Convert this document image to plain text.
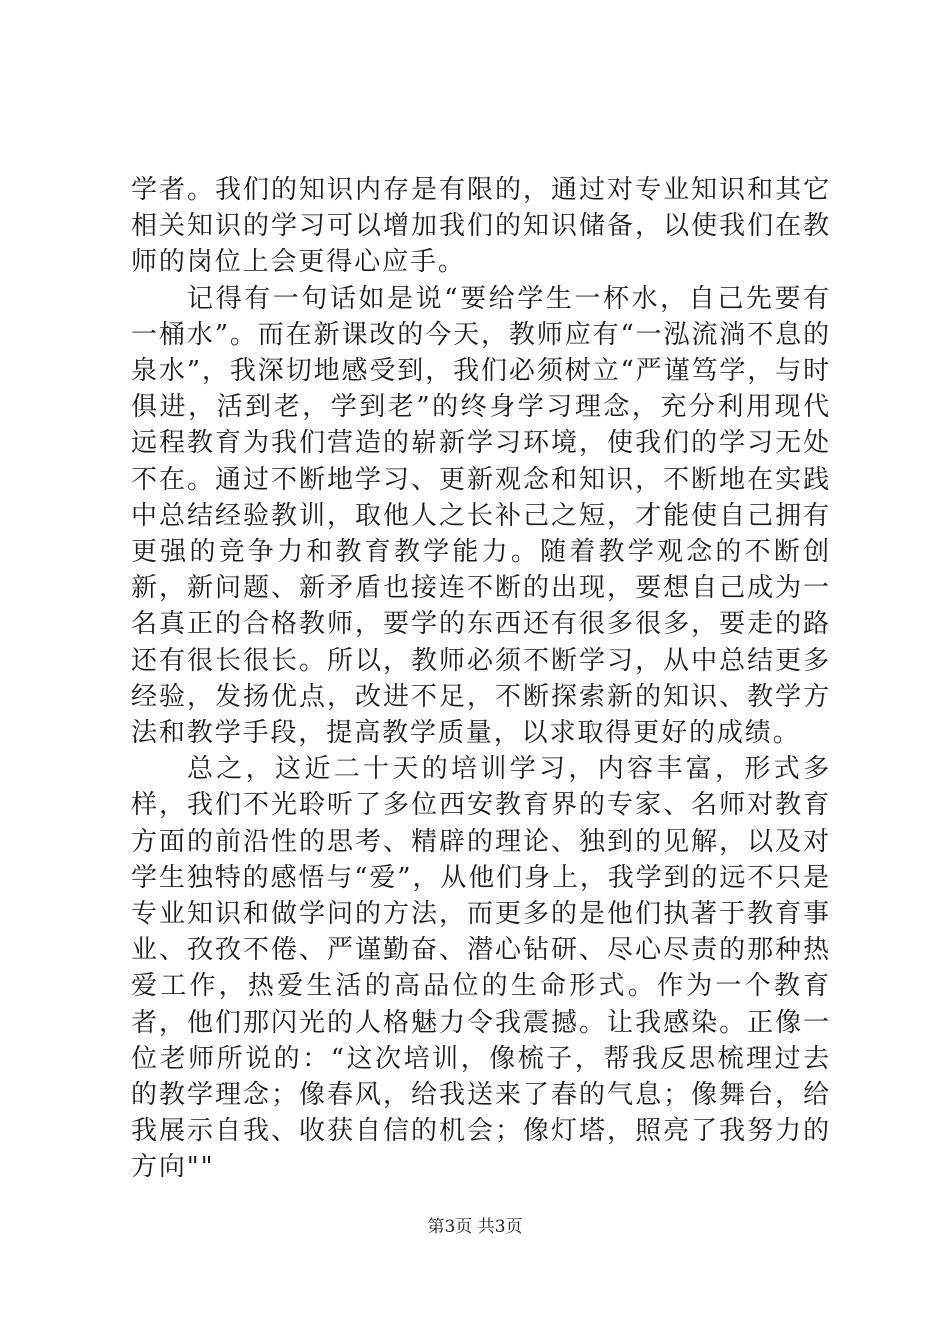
学者。我们的知识内存是有限的，通过对专业知识和其它相关知识的学习可以增加我们的知识储备，以使我们在教师的岗位上会更得心应手。

记得有一句话如是说“要给学生一杯水，自己先要有一桶水”。而在新课改的今天，教师应有“一泓流淌不息的泉水”，我深切地感受到，我们必须树立“严谨笃学，与时俱进，活到老，学到老”的终身学习理念，充分利用现代远程教育为我们营造的崭新学习环境，使我们的学习无处不在。通过不断地学习、更新观念和知识，不断地在实践中总结经验教训，取他人之长补己之短，才能使自己拥有更强的竞争力和教育教学能力。随着教学观念的不断创新，新问题、新矛盾也接连不断的出现，要想自己成为一名真正的合格教师，要学的东西还有很多很多，要走的路还有很长很长。所以，教师必须不断学习，从中总结更多经验，发扬优点，改进不足，不断探索新的知识、教学方法和教学手段，提高教学质量，以求取得更好的成绩。

总之，这近二十天的培训学习，内容丰富，形式多样，我们不光聆听了多位西安教育界的专家、名师对教育方面的前沿性的思考、精辟的理论、独到的见解，以及对学生独特的感悟与“爱”，从他们身上，我学到的远不只是专业知识和做学问的方法，而更多的是他们执著于教育事业、孜孜不倦、严谨勤奋、潜心钻研、尽心尽责的那种热爱工作，热爱生活的高品位的生命形式。作为一个教育者，他们那闪光的人格魅力令我震撼。让我感染。正像一位老师所说的：“这次培训，像梳子，帮我反思梳理过去的教学理念；像春风，给我送来了春的气息；像舞台，给我展示自我、收获自信的机会；像灯塔，照亮了我努力的方向""

第3页 共3页
